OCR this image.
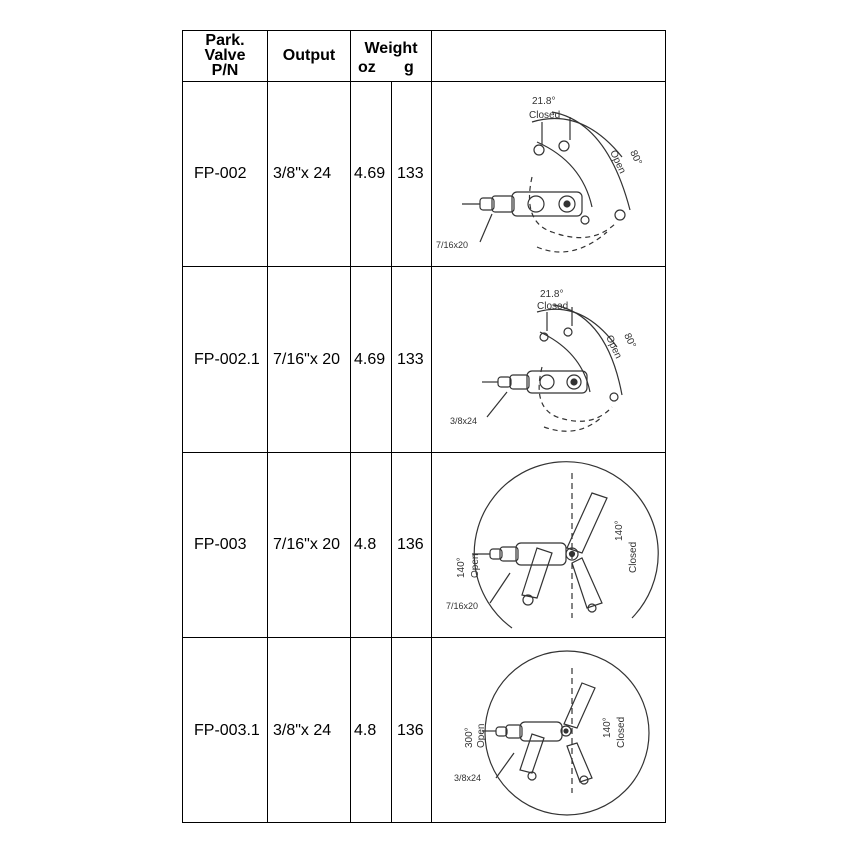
Park.
Valve
P/N
Output	Weight
oz	g
FP-002 3/8"x 24 4.69 133
FP-002.1 7/16"x 20 4.69 133
FP-003 7/16"x 20 4.8 136
FP-003.1 3/8"x 24 4.8 136
21.8°
Closed
80°
Open
7/16x20
21.8°
Closed
80°
Open
3/8x24
140° Open
140°
Closed
7/16x20
300° Open	140° Closed
3/8x24
